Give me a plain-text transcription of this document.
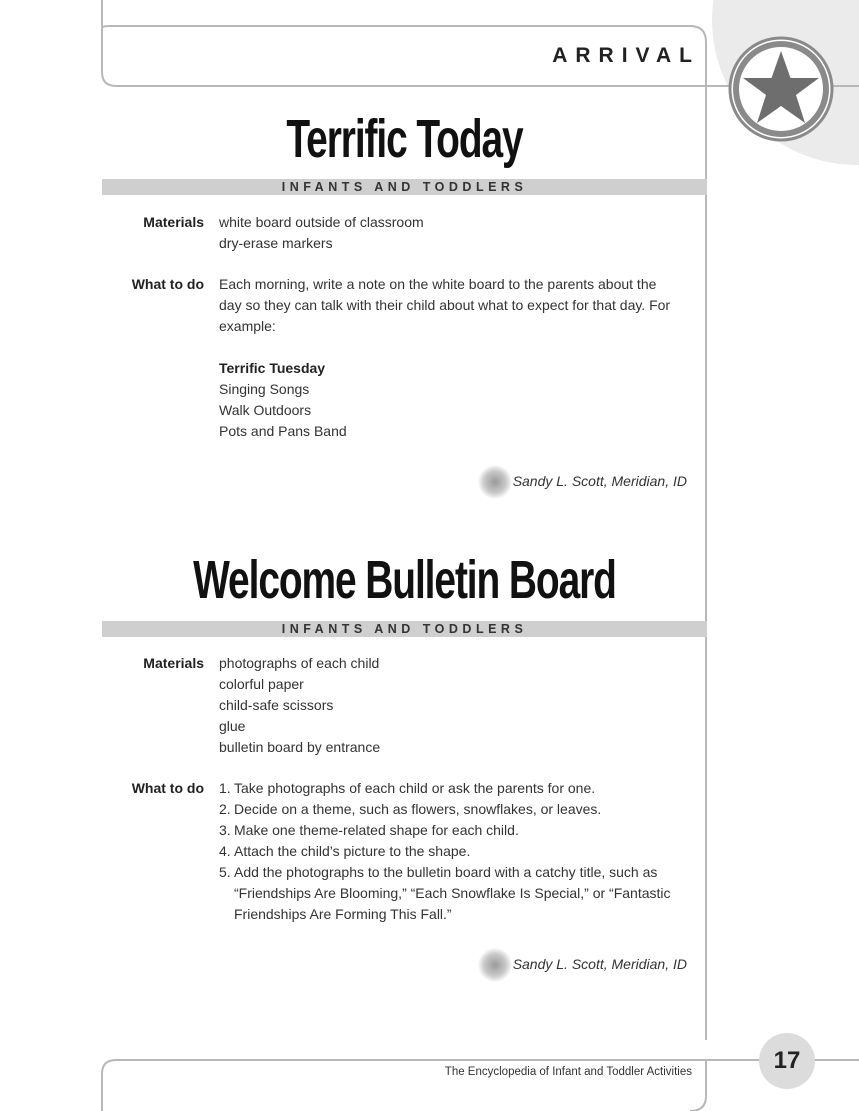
ARRIVAL
Terrific Today
INFANTS AND TODDLERS
Materials white board outside of classroom
dry-erase markers
What to do Each morning, write a note on the white board to the parents about the
day so they can talk with their child about what to expect for that day. For
example:

Terrific Tuesday
Singing Songs
Walk Outdoors
Pots and Pans Band
Sandy L. Scott, Meridian, ID
Welcome Bulletin Board
INFANTS AND TODDLERS
Materials photographs of each child
colorful paper
child-safe scissors
glue
bulletin board by entrance
What to do 1. Take photographs of each child or ask the parents for one.
2. Decide on a theme, such as flowers, snowflakes, or leaves.
3. Make one theme-related shape for each child.
4. Attach the child’s picture to the shape.
5. Add the photographs to the bulletin board with a catchy title, such as “Friendships Are Blooming,” “Each Snowflake Is Special,” or “Fantastic Friendships Are Forming This Fall.”
Sandy L. Scott, Meridian, ID
The Encyclopedia of Infant and Toddler Activities	17
